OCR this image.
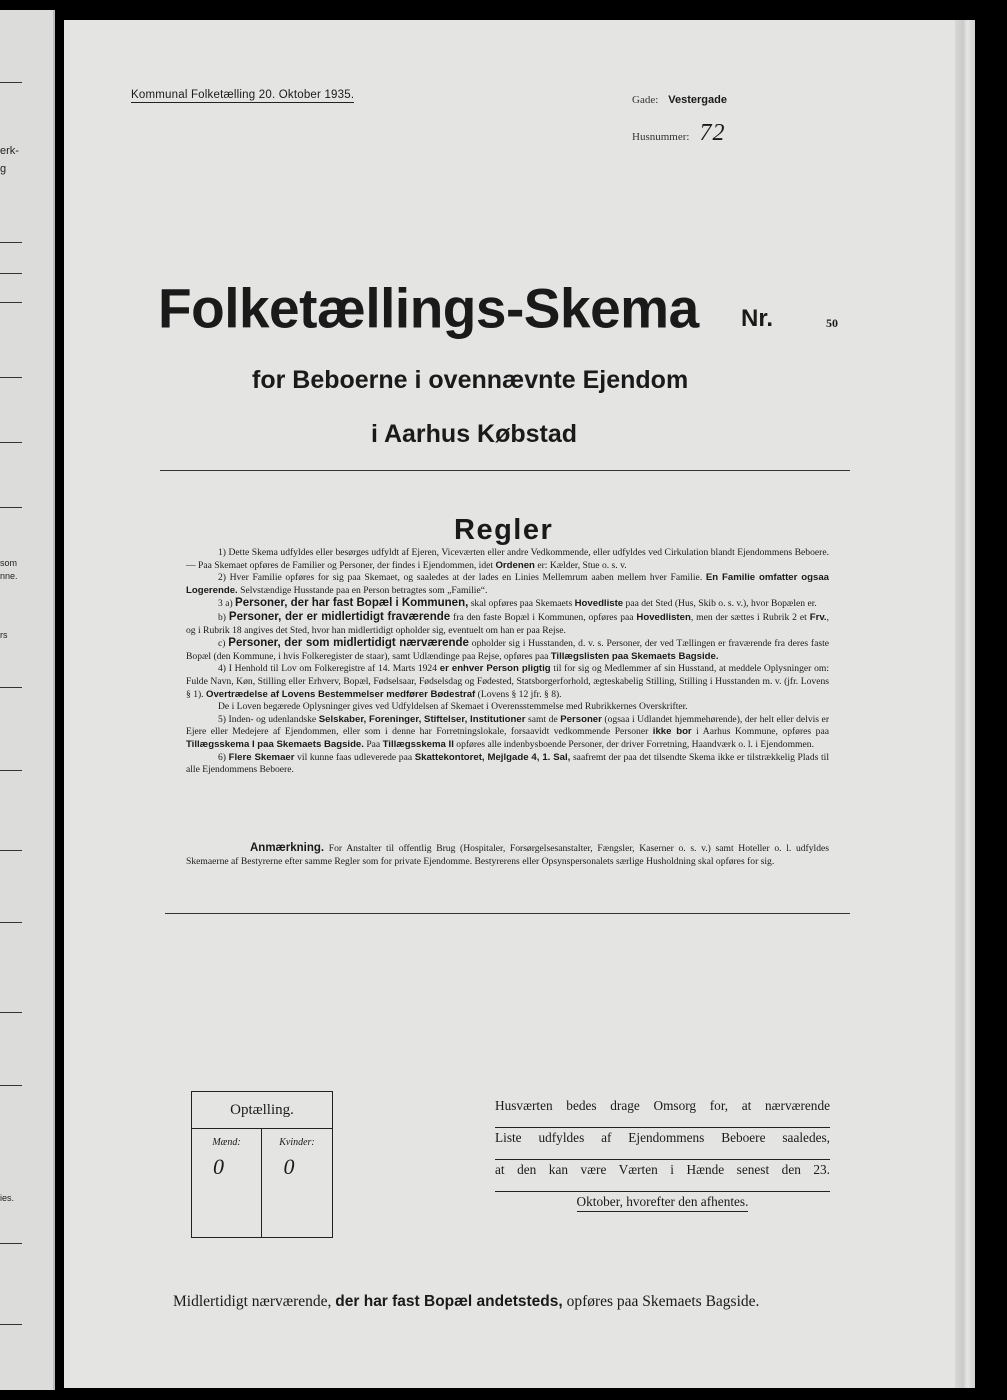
erk-
g
som
nne.
rs
ies.
Kommunal Folketælling 20. Oktober 1935.	Gade: Vestergade
Husnummer: 72
Folketællings-Skema Nr.	50
for Beboerne i ovennævnte Ejendom
i Aarhus Købstad
Regler

1) Dette Skema udfyldes eller besørges udfyldt af Ejeren, Viceværten eller andre Vedkommende, eller udfyldes ved Cirkulation blandt Ejendommens Beboere. — Paa Skemaet opføres de Familier og Personer, der findes i Ejendommen, idet Ordenen er: Kælder, Stue o. s. v.

2) Hver Familie opføres for sig paa Skemaet, og saaledes at der lades en Linies Mellemrum aaben mellem hver Familie. En Familie omfatter ogsaa Logerende. Selvstændige Husstande paa en Person betragtes som „Familie“.

3 a) Personer, der har fast Bopæl i Kommunen, skal opføres paa Skemaets Hovedliste paa det Sted (Hus, Skib o. s. v.), hvor Bopælen er.

b) Personer, der er midlertidigt fraværende fra den faste Bopæl i Kommunen, opføres paa Hovedlisten, men der sættes i Rubrik 2 et Frv., og i Rubrik 18 angives det Sted, hvor han midlertidigt opholder sig, eventuelt om han er paa Rejse.

c) Personer, der som midlertidigt nærværende opholder sig i Husstanden, d. v. s. Personer, der ved Tællingen er fraværende fra deres faste Bopæl (den Kommune, i hvis Folkeregister de staar), samt Udlændinge paa Rejse, opføres paa Tillægslisten paa Skemaets Bagside.

4) I Henhold til Lov om Folkeregistre af 14. Marts 1924 er enhver Person pligtig til for sig og Medlemmer af sin Husstand, at meddele Oplysninger om: Fulde Navn, Køn, Stilling eller Erhverv, Bopæl, Fødselsaar, Fødselsdag og Fødested, Statsborgerforhold, ægteskabelig Stilling, Stilling i Husstanden m. v. (jfr. Lovens § 1). Overtrædelse af Lovens Bestemmelser medfører Bødestraf (Lovens § 12 jfr. § 8).

De i Loven begærede Oplysninger gives ved Udfyldelsen af Skemaet i Overensstemmelse med Rubrikkernes Overskrifter.

5) Inden- og udenlandske Selskaber, Foreninger, Stiftelser, Institutioner samt de Personer (ogsaa i Udlandet hjemmehørende), der helt eller delvis er Ejere eller Medejere af Ejendommen, eller som i denne har Forretningslokale, forsaavidt vedkommende Personer ikke bor i Aarhus Kommune, opføres paa Tillægsskema I paa Skemaets Bagside. Paa Tillægsskema II opføres alle indenbysboende Personer, der driver Forretning, Haandværk o. l. i Ejendommen.

6) Flere Skemaer vil kunne faas udleverede paa Skattekontoret, Mejlgade 4, 1. Sal, saafremt der paa det tilsendte Skema ikke er tilstrækkelig Plads til alle Ejendommens Beboere.

Anmærkning. For Anstalter til offentlig Brug (Hospitaler, Forsørgelsesanstalter, Fængsler, Kaserner o. s. v.) samt Hoteller o. l. udfyldes Skemaerne af Bestyrerne efter samme Regler som for private Ejendomme. Bestyrerens eller Opsynspersonalets særlige Husholdning skal opføres for sig.

Optælling.
Mænd:
0
Kvinder:
0
Husværten bedes drage Omsorg for, at nærværende
Liste udfyldes af Ejendommens Beboere saaledes,
at den kan være Værten i Hænde senest den 23.
Oktober, hvorefter den afhentes.
Midlertidigt nærværende, der har fast Bopæl andetsteds, opføres paa Skemaets Bagside.
